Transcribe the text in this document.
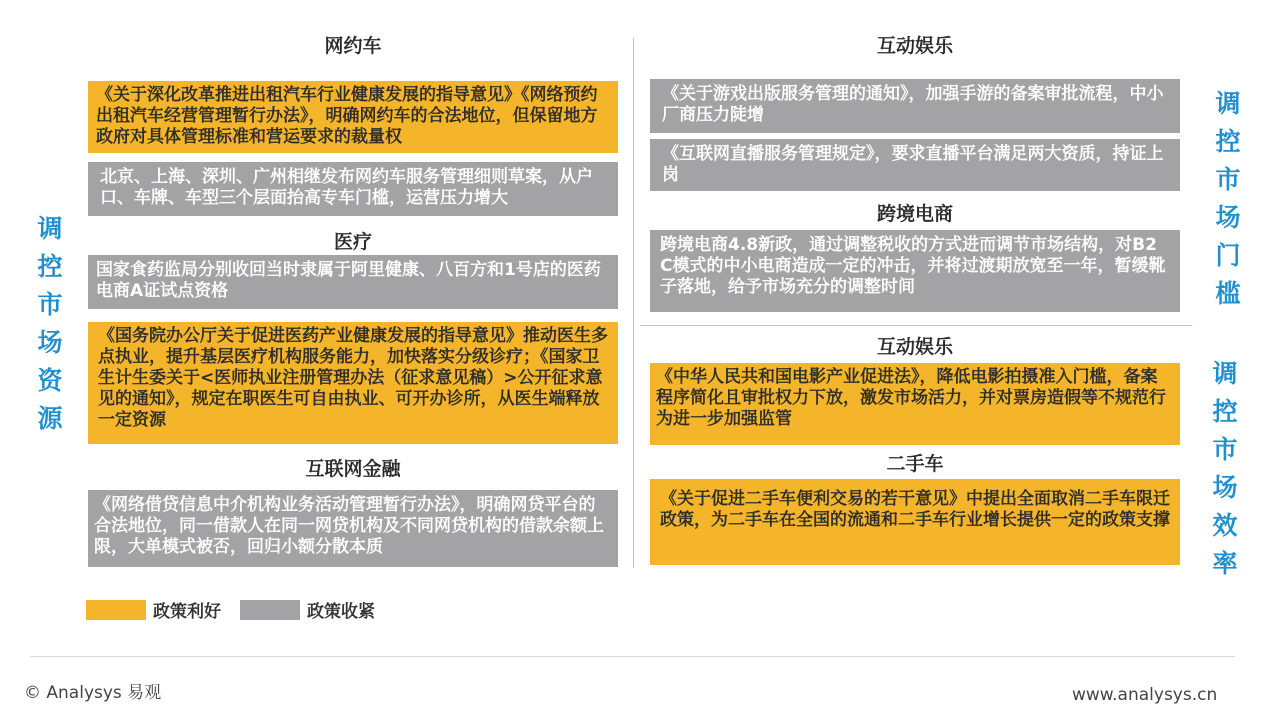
调控市场资源
网约车
《关于深化改革推进出租汽车行业健康发展的指导意见》《网络预约出租汽车经营管理暂行办法》，明确网约车的合法地位，但保留地方政府对具体管理标准和营运要求的裁量权
北京、上海、深圳、广州相继发布网约车服务管理细则草案，从户口、车牌、车型三个层面抬高专车门槛，运营压力增大
医疗
国家食药监局分别收回当时隶属于阿里健康、八百方和1号店的医药电商A证试点资格
《国务院办公厅关于促进医药产业健康发展的指导意见》推动医生多点执业，提升基层医疗机构服务能力，加快落实分级诊疗；《国家卫生计生委关于<医师执业注册管理办法（征求意见稿）>公开征求意见的通知》，规定在职医生可自由执业、可开办诊所，从医生端释放一定资源
互联网金融
《网络借贷信息中介机构业务活动管理暂行办法》，明确网贷平台的合法地位，同一借款人在同一网贷机构及不同网贷机构的借款余额上限，大单模式被否，回归小额分散本质
互动娱乐
《关于游戏出版服务管理的通知》，加强手游的备案审批流程，中小厂商压力陡增
《互联网直播服务管理规定》，要求直播平台满足两大资质，持证上岗
跨境电商
跨境电商4.8新政，通过调整税收的方式进而调节市场结构，对B2C模式的中小电商造成一定的冲击，并将过渡期放宽至一年，暂缓靴子落地，给予市场充分的调整时间
互动娱乐
《中华人民共和国电影产业促进法》，降低电影拍摄准入门槛，备案程序简化且审批权力下放，激发市场活力，并对票房造假等不规范行为进一步加强监管
二手车
《关于促进二手车便利交易的若干意见》中提出全面取消二手车限迁政策，为二手车在全国的流通和二手车行业增长提供一定的政策支撑
调控市场门槛
调控市场效率
政策利好	政策收紧
© Analysys 易观	www.analysys.cn
